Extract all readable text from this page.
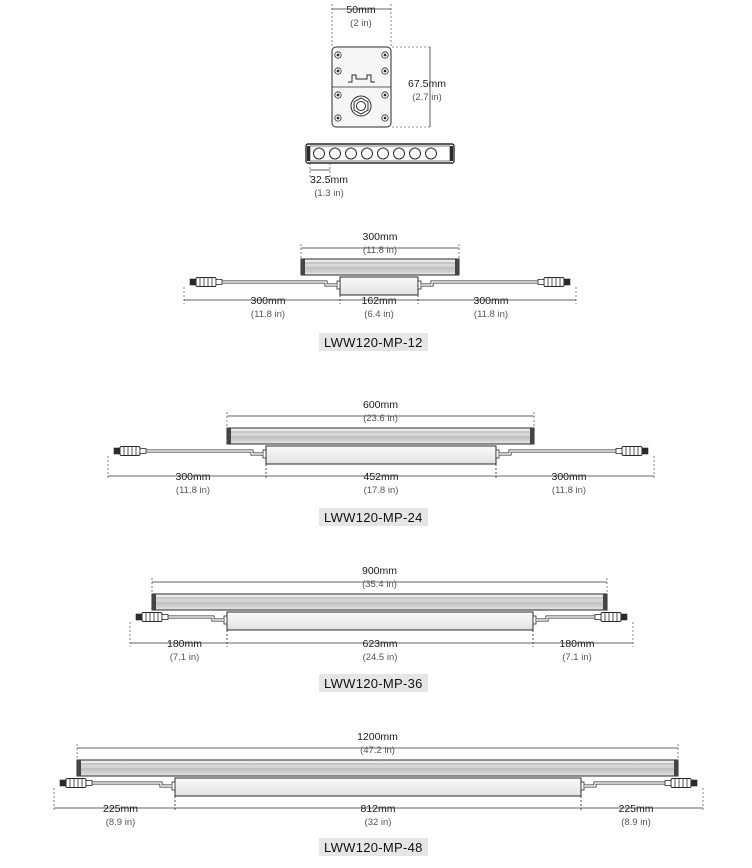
50mm
(2 in)
67.5mm
(2.7 in)
32.5mm
(1.3 in)
300mm
(11.8 in)
300mm
(11.8 in)
162mm
(6.4 in)
300mm
(11.8 in)
600mm
(23.6 in)
300mm
(11.8 in)
452mm
(17.8 in)
300mm
(11.8 in)
900mm
(35.4 in)
180mm
(7.1 in)
623mm
(24.5 in)
180mm
(7.1 in)
1200mm
(47.2 in)
225mm
(8.9 in)
812mm
(32 in)
225mm
(8.9 in)
LWW120-MP-12
LWW120-MP-24
LWW120-MP-36
LWW120-MP-48
